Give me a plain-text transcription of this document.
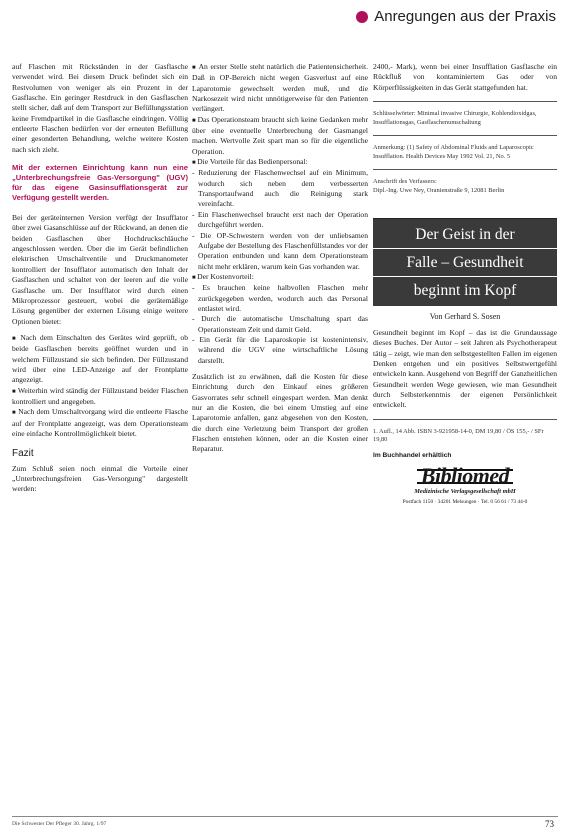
Anregungen aus der Praxis

auf Flaschen mit Rückständen in der Gasflasche verwendet wird. Bei diesem Druck befindet sich ein Restvolumen von weniger als ein Prozent in der Gasflasche. Ein geringer Restdruck in den Gasflaschen stellt sicher, daß auf dem Transport zur Befüllungsstation keine Fremdpartikel in die Gasflasche eindringen. Völlig entleerte Flaschen bedürfen vor der erneuten Befüllung einer gesonderten Behandlung, welche weitere Kosten nach sich zieht.

Mit der externen Einrichtung kann nun eine „Unterbrechungsfreie Gas-Versorgung" (UGV) für das eigene Gasinsufflationsgerät zur Verfügung gestellt werden.

Bei der geräteinternen Version verfügt der Insufflator über zwei Gasanschlüsse auf der Rückwand, an denen die beiden Gasflaschen über Hochdruckschläuche angeschlossen werden. Über die im Gerät befindlichen elektrischen Umschaltventile und Druckmanometer kontrolliert der Insufflator automatisch den Inhalt der Gasflaschen und schaltet von der leeren auf die volle Gasflasche um. Der Insufflator wird durch einen Mikroprozessor gesteuert, wobei die gerätemäßige Lösung gegenüber der externen Lösung einige weitere Optionen bietet:

■ Nach dem Einschalten des Gerätes wird geprüft, ob beide Gasflaschen bereits geöffnet wurden und in welchem Füllzustand sie sich befinden. Der Füllzustand wird über eine LED-Anzeige auf der Frontplatte angezeigt.

■ Weiterhin wird ständig der Füllzustand beider Flaschen kontrolliert und angegeben.

■ Nach dem Umschaltvorgang wird die entleerte Flasche auf der Frontplatte angezeigt, was dem Operationsteam eine einfache Kontrollmöglichkeit bietet.

Fazit

Zum Schluß seien noch einmal die Vorteile einer „Unterbrechungsfreien Gas-Versorgung" dargestellt werden:

■ An erster Stelle steht natürlich die Patientensicherheit. Daß in OP-Bereich nicht wegen Gasverlust auf eine Laparotomie gewechselt werden muß, und die Narkosezeit wird nicht unnötigerweise für den Patienten verlängert.

■ Das Operationsteam braucht sich keine Gedanken mehr über eine eventuelle Unterbrechung der Gasmangel machen. Wertvolle Zeit spart man so für die eigentliche Operation.

■ Die Vorteile für das Bedienpersonal:

- Reduzierung der Flaschenwechsel auf ein Minimum, wodurch sich neben dem verbesserten Transportaufwand auch die Reinigung stark vereinfacht.

- Ein Flaschenwechsel braucht erst nach der Operation durchgeführt werden.

- Die OP-Schwestern werden von der unliebsamen Aufgabe der Bestellung des Flaschenfüllstandes vor der Operation entbunden und kann dem Operationsteam nicht mehr erklären, warum kein Gas vorhanden war.

■ Der Kostenvorteil:

- Es brauchen keine halbvollen Flaschen mehr zurückgegeben werden, wodurch auch das Personal entlastet wird.

- Durch die automatische Umschaltung spart das Operationsteam Zeit und damit Geld.

- Ein Gerät für die Laparoskopie ist kostenintensiv, während die UGV eine wirtschaftliche Lösung darstellt.

Zusätzlich ist zu erwähnen, daß die Kosten für diese Einrichtung durch den Einkauf eines größeren Gasvorrates sehr schnell eingespart werden. Man denkt nur an die Kosten, die bei einem Umstieg auf eine Laparotomie anfallen, ganz abgesehen von den Kosten, die durch eine Verletzung beim Transport der großen Flaschen entstehen können, oder an die Kosten einer Reparatur.

2400,- Mark), wenn bei einer Insufflation Gasflasche ein Rückfluß von kontaminiertem Gas oder von Körperflüssigkeiten in das Gerät stattgefunden hat.

Schlüsselwörter: Minimal invasive Chirurgie, Kohlendioxidgas, Insufflationsgas, Gasflaschenumschaltung

Anmerkung: (1) Safety of Abdominal Fluids and Laparoscopic Insufflation. Health Devices May 1992 Vol. 21, No. 5

Anschrift des Verfassers:

Dipl.-Ing. Uwe Ney, Oranienstraße 9, 12081 Berlin

Der Geist in der
Falle – Gesundheit
beginnt im Kopf
Von Gerhard S. Sosen

Gesundheit beginnt im Kopf – das ist die Grundaussage dieses Buches. Der Autor – seit Jahren als Psychotherapeut tätig – zeigt, wie man den selbstgestellten Fallen im eigenen Denken entgehen und ein positives Selbstwertgefühl entwickeln kann. Ausgehend von Begriff der Ganzheitlichen Gesundheit werden Wege gewiesen, wie man Gesundheit durch Selbsterkenntnis der eigenen Persönlichkeit entwickelt.

1. Aufl., 14 Abb. ISBN 3-921958-14-0, DM 19,80 / ÖS 155,- / SFr 19,80

Im Buchhandel erhältlich
Bibliomed
Medizinische Verlagsgesellschaft mbH
Postfach 1150 · 34201 Melsungen · Tel. 0 56 61 / 73 44-0
Die Schwester Der Pfleger 30. Jahrg. 1/97	73
